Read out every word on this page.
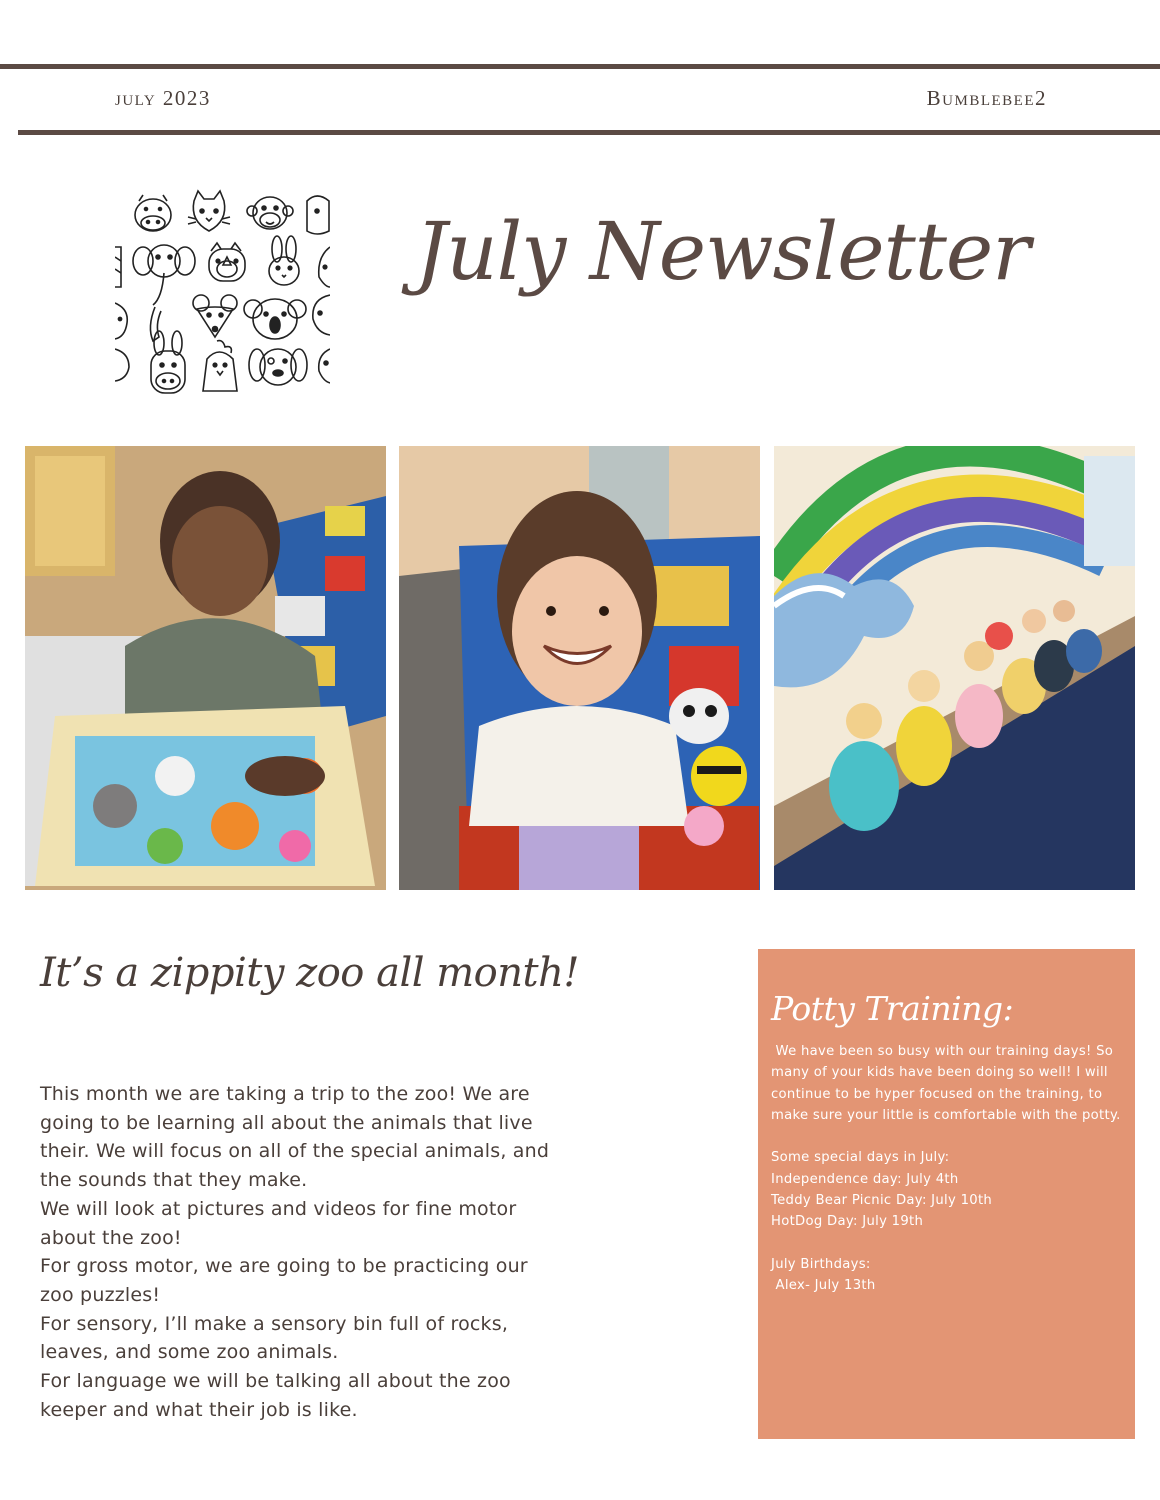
july 2023	Bumblebee2
July Newsletter
It’s a zippity zoo all month!

This month we are taking a trip to the zoo! We are going to be learning all about the animals that live their. We will focus on all of the special animals, and the sounds that they make.

We will look at pictures and videos for fine motor about the zoo!

For gross motor, we are going to be practicing our zoo puzzles!

For sensory, I’ll make a sensory bin full of rocks, leaves, and some zoo animals.

For language we will be talking all about the zoo keeper and what their job is like.

Potty Training:

We have been so busy with our training days! So many of your kids have been doing so well! I will continue to be hyper focused on the training, to make sure your little is comfortable with the potty.

Some special days in July:

Independence day: July 4th

Teddy Bear Picnic Day: July 10th

HotDog Day: July 19th

July Birthdays:

Alex- July 13th
